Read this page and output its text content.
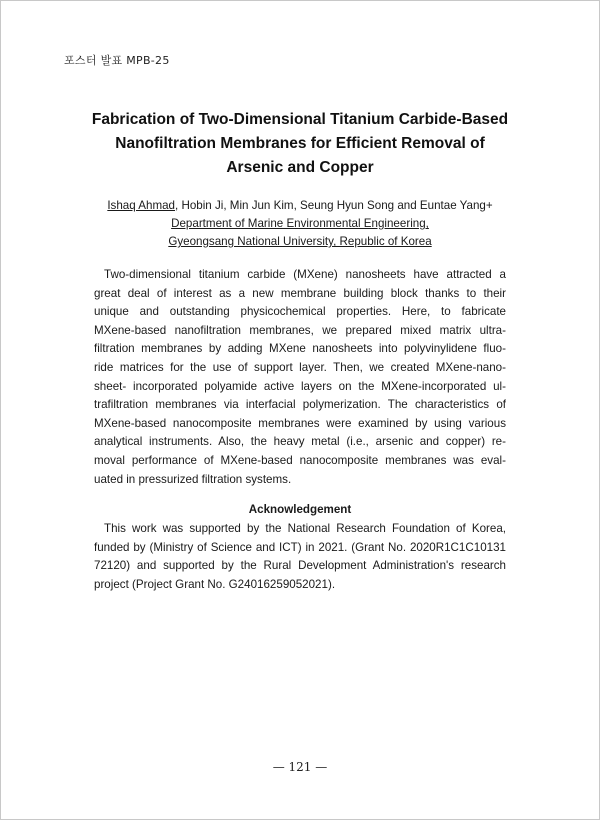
포스터 발표 MPB-25
Fabrication of Two-Dimensional Titanium Carbide-Based
Nanofiltration Membranes for Efficient Removal of
Arsenic and Copper
Ishaq Ahmad, Hobin Ji, Min Jun Kim, Seung Hyun Song and Euntae Yang+
Department of Marine Environmental Engineering,
Gyeongsang National University, Republic of Korea
Two-dimensional titanium carbide (MXene) nanosheets have attracted a
great deal of interest as a new membrane building block thanks to their
unique and outstanding physicochemical properties. Here, to fabricate
MXene-based nanofiltration membranes, we prepared mixed matrix ultra-
filtration membranes by adding MXene nanosheets into polyvinylidene fluo-
ride matrices for the use of support layer. Then, we created MXene-nano-
sheet- incorporated polyamide active layers on the MXene-incorporated ul-
trafiltration membranes via interfacial polymerization. The characteristics of
MXene-based nanocomposite membranes were examined by using various
analytical instruments. Also, the heavy metal (i.e., arsenic and copper) re-
moval performance of MXene-based nanocomposite membranes was eval-
uated in pressurized filtration systems.
Acknowledgement
This work was supported by the National Research Foundation of Korea,
funded by (Ministry of Science and ICT) in 2021. (Grant No. 2020R1C1C10131
72120) and supported by the Rural Development Administration's research
project (Project Grant No. G24016259052021).
— 121 —
